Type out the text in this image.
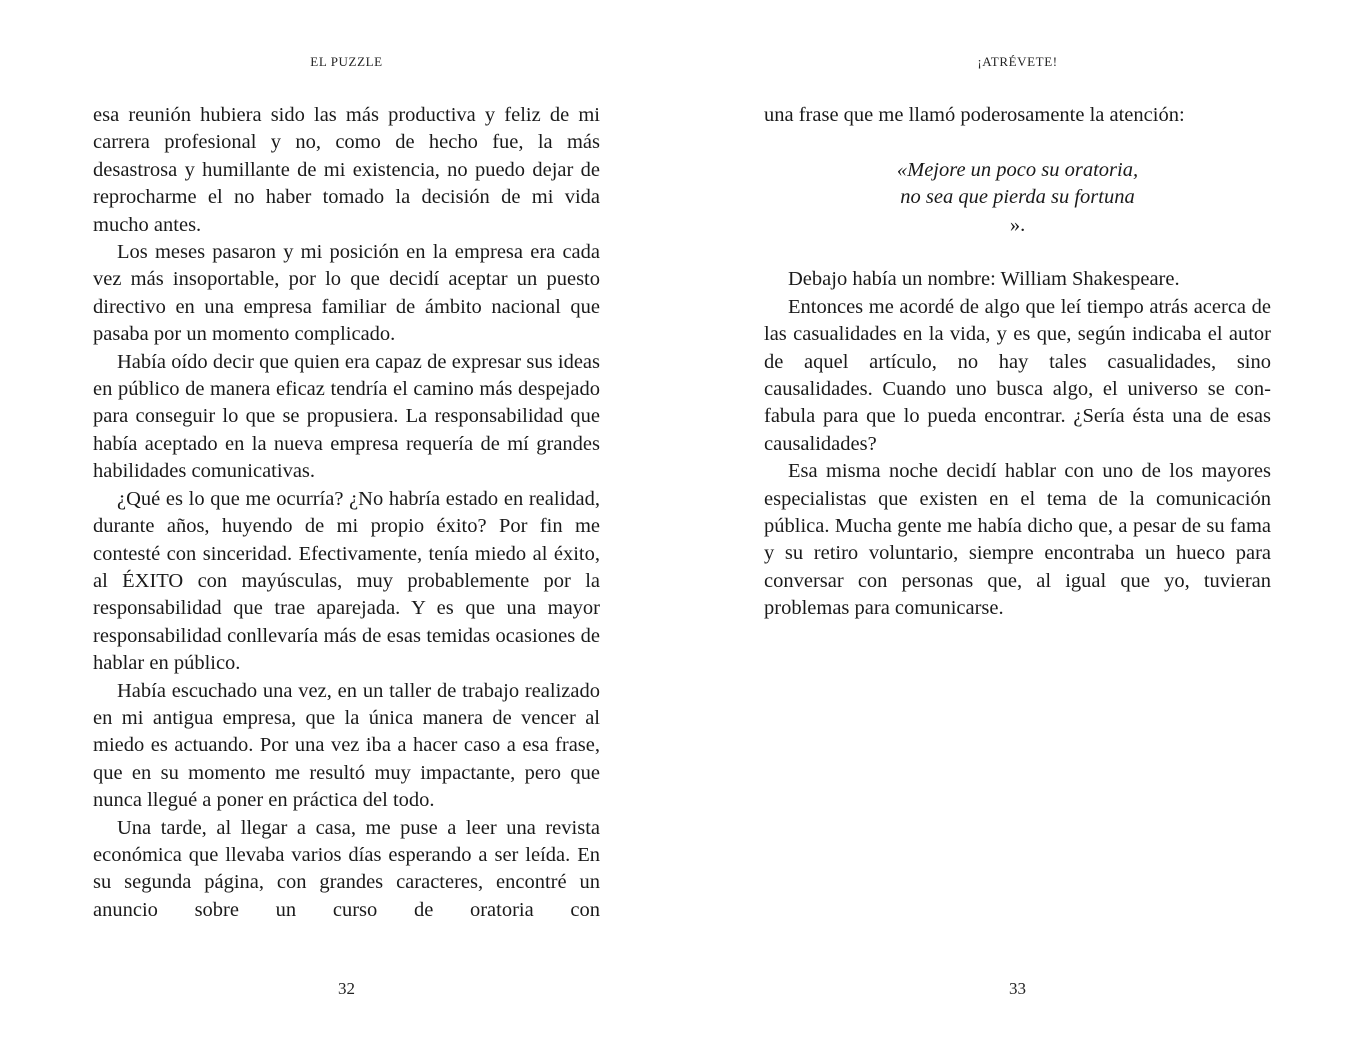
EL PUZZLE

esa reunión hubiera sido las más productiva y feliz de mi carrera profesional y no, como de hecho fue, la más desastrosa y humillante de mi existencia, no puedo dejar de reprocharme el no haber tomado la decisión de mi vida mucho antes.

Los meses pasaron y mi posición en la empresa era cada vez más insoportable, por lo que decidí aceptar un puesto directivo en una empresa familiar de ámbito nacional que pasaba por un momento complicado.

Había oído decir que quien era capaz de expresar sus ideas en público de manera eficaz tendría el camino más despejado para conseguir lo que se propusiera. La responsabilidad que había aceptado en la nueva empresa requería de mí grandes habilidades comunicativas.

¿Qué es lo que me ocurría? ¿No habría estado en realidad, durante años, huyendo de mi propio éxito? Por fin me contesté con sinceridad. Efectivamente, tenía miedo al éxito, al ÉXITO con mayúsculas, muy probablemente por la responsabilidad que trae aparejada. Y es que una mayor responsabilidad conllevaría más de esas temidas ocasiones de hablar en público.

Había escuchado una vez, en un taller de trabajo realizado en mi antigua empresa, que la única manera de vencer al miedo es actuando. Por una vez iba a hacer caso a esa frase, que en su momento me resultó muy impactante, pero que nunca llegué a poner en práctica del todo.

Una tarde, al llegar a casa, me puse a leer una revista económica que llevaba varios días esperando a ser leída. En su segunda página, con grandes caracteres, encontré un anuncio sobre un curso de oratoria con

32
¡ATRÉVETE!

una frase que me llamó poderosamente la atención:

«Mejore un poco su oratoria,
no sea que pierda su fortuna
».

Debajo había un nombre: William Shakespeare.

Entonces me acordé de algo que leí tiempo atrás acerca de las casualidades en la vida, y es que, según indicaba el autor de aquel artículo, no hay tales casualidades, sino causalidades. Cuando uno busca algo, el universo se confabula para que lo pueda encontrar. ¿Sería ésta una de esas causalidades?

Esa misma noche decidí hablar con uno de los mayores especialistas que existen en el tema de la comunicación pública. Mucha gente me había dicho que, a pesar de su fama y su retiro voluntario, siempre encontraba un hueco para conversar con personas que, al igual que yo, tuvieran problemas para comunicarse.

33
